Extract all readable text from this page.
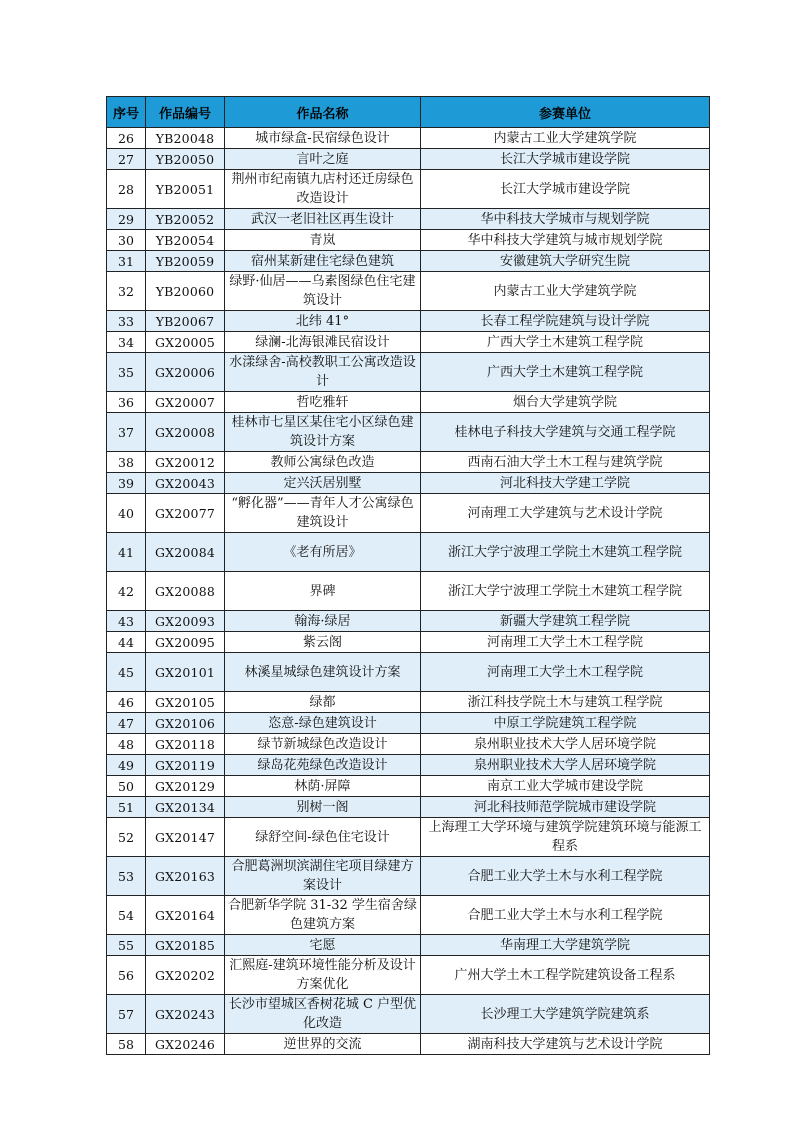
序号	作品编号	作品名称	参赛单位
26	YB20048	城市绿盒-民宿绿色设计	内蒙古工业大学建筑学院
27	YB20050	言叶之庭	长江大学城市建设学院
28	YB20051	荆州市纪南镇九店村还迁房绿色改造设计	长江大学城市建设学院
29	YB20052	武汉一老旧社区再生设计	华中科技大学城市与规划学院
30	YB20054	青岚	华中科技大学建筑与城市规划学院
31	YB20059	宿州某新建住宅绿色建筑	安徽建筑大学研究生院
32	YB20060	绿野·仙居——乌素图绿色住宅建筑设计	内蒙古工业大学建筑学院
33	YB20067	北纬 41°	长春工程学院建筑与设计学院
34	GX20005	绿澜-北海银滩民宿设计	广西大学土木建筑工程学院
35	GX20006	水漾绿舍-高校教职工公寓改造设计	广西大学土木建筑工程学院
36	GX20007	哲吃雅轩	烟台大学建筑学院
37	GX20008	桂林市七星区某住宅小区绿色建筑设计方案	桂林电子科技大学建筑与交通工程学院
38	GX20012	教师公寓绿色改造	西南石油大学土木工程与建筑学院
39	GX20043	定兴沃居别墅	河北科技大学建工学院
40	GX20077	“孵化器”——青年人才公寓绿色建筑设计	河南理工大学建筑与艺术设计学院
41	GX20084	《老有所居》	浙江大学宁波理工学院土木建筑工程学院
42	GX20088	界碑	浙江大学宁波理工学院土木建筑工程学院
43	GX20093	翰海·绿居	新疆大学建筑工程学院
44	GX20095	紫云阁	河南理工大学土木工程学院
45	GX20101	林溪星城绿色建筑设计方案	河南理工大学土木工程学院
46	GX20105	绿都	浙江科技学院土木与建筑工程学院
47	GX20106	恣意-绿色建筑设计	中原工学院建筑工程学院
48	GX20118	绿节新城绿色改造设计	泉州职业技术大学人居环境学院
49	GX20119	绿岛花苑绿色改造设计	泉州职业技术大学人居环境学院
50	GX20129	林荫·屏障	南京工业大学城市建设学院
51	GX20134	别树一阁	河北科技师范学院城市建设学院
52	GX20147	绿舒空间-绿色住宅设计	上海理工大学环境与建筑学院建筑环境与能源工程系
53	GX20163	合肥葛洲坝滨湖住宅项目绿建方案设计	合肥工业大学土木与水利工程学院
54	GX20164	合肥新华学院 31-32 学生宿舍绿色建筑方案	合肥工业大学土木与水利工程学院
55	GX20185	宅愿	华南理工大学建筑学院
56	GX20202	汇熙庭-建筑环境性能分析及设计方案优化	广州大学土木工程学院建筑设备工程系
57	GX20243	长沙市望城区香树花城 C 户型优化改造	长沙理工大学建筑学院建筑系
58	GX20246	逆世界的交流	湖南科技大学建筑与艺术设计学院
